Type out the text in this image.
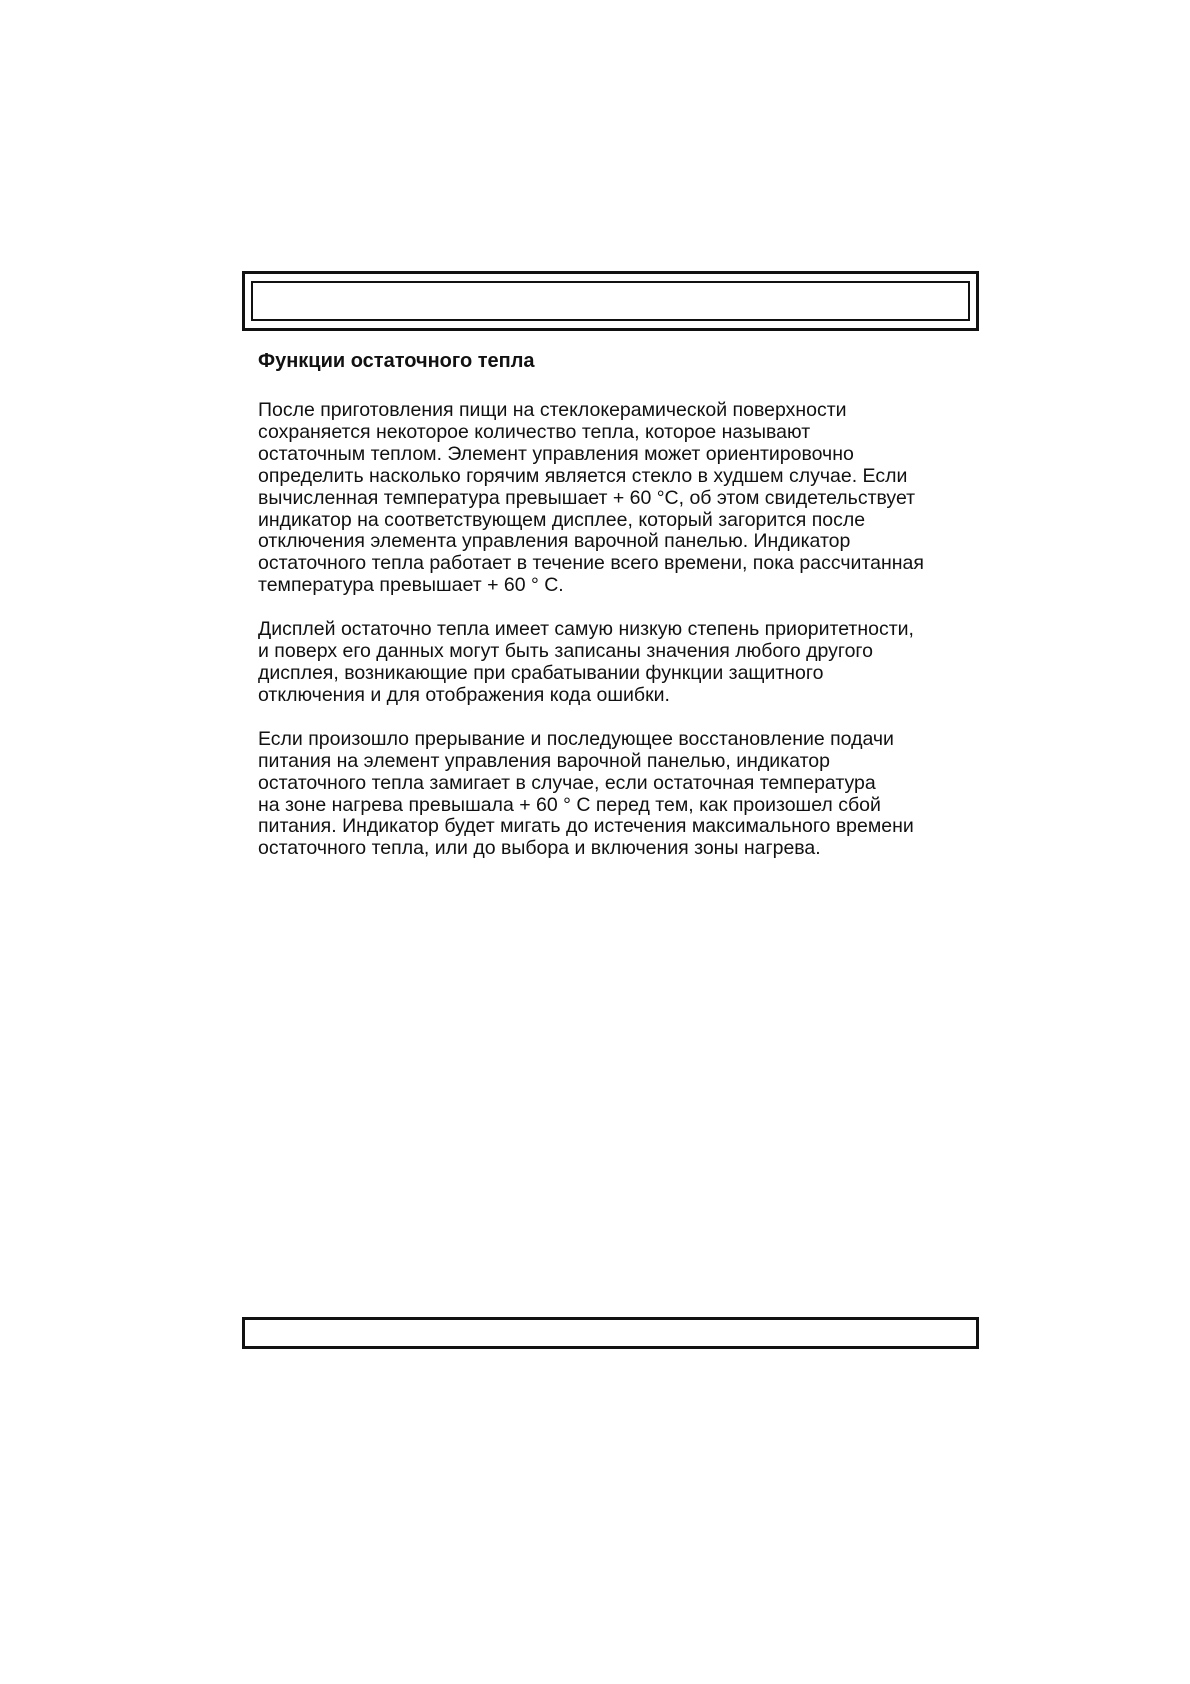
Функции остаточного тепла

После приготовления пищи на стеклокерамической поверхности
сохраняется некоторое количество тепла, которое называют
остаточным теплом. Элемент управления может ориентировочно
определить насколько горячим является стекло в худшем случае. Если
вычисленная температура превышает + 60 °C, об этом свидетельствует
индикатор на соответствующем дисплее, который загорится после
отключения элемента управления варочной панелью. Индикатор
остаточного тепла работает в течение всего времени, пока рассчитанная
температура превышает + 60 ° C.

Дисплей остаточно тепла имеет самую низкую степень приоритетности,
и поверх его данных могут быть записаны значения любого другого
дисплея, возникающие при срабатывании функции защитного
отключения и для отображения кода ошибки.

Если произошло прерывание и последующее восстановление подачи
питания на элемент управления варочной панелью, индикатор
остаточного тепла замигает в случае, если остаточная температура
на зоне нагрева превышала + 60 ° C перед тем, как произошел сбой
питания. Индикатор будет мигать до истечения максимального времени
остаточного тепла, или до выбора и включения зоны нагрева.
